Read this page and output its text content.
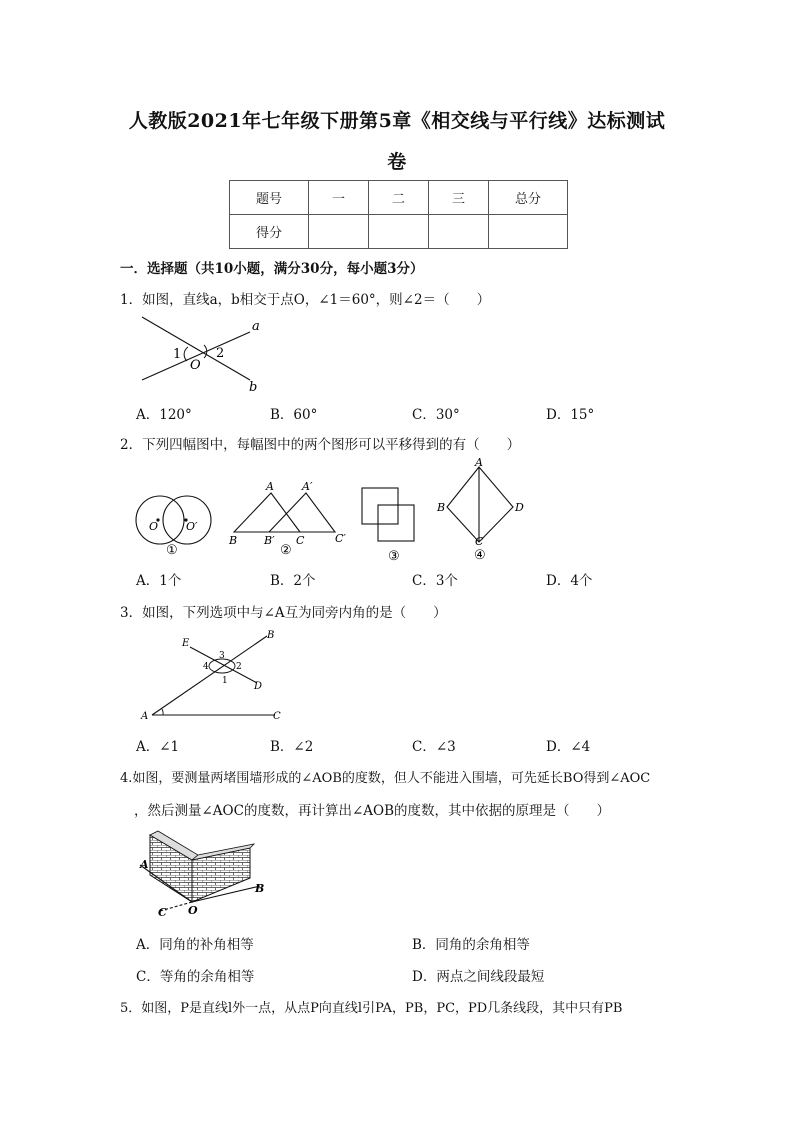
人教版2021年七年级下册第5章《相交线与平行线》达标测试
卷
题号	一	二	三	总分
得分				
一．选择题（共10小题，满分30分，每小题3分）
1．如图，直线a，b相交于点O，∠1＝60°，则∠2＝（　　）
a
b
1	2
O
A．120°	B．60°	C．30°	D．15°
2．下列四幅图中，每幅图中的两个图形可以平移得到的有（　　）
O	O′
①
A	A′
B B′ C	C′
②	③
A
B
C
D
④
A．1个	B．2个	C．3个	D．4个
3．如图，下列选项中与∠A互为同旁内角的是（　　）
E
B
D
A	C
1
2
3
4
A．∠1	B．∠2	C．∠3	D．∠4
4.如图，要测量两堵围墙形成的∠AOB的度数，但人不能进入围墙，可先延长BO得到∠AOC
，然后测量∠AOC的度数，再计算出∠AOB的度数，其中依据的原理是（　　）
A
B
C O
A．同角的补角相等	B．同角的余角相等
C．等角的余角相等	D．两点之间线段最短
5．如图，P是直线l外一点，从点P向直线l引PA，PB，PC，PD几条线段，其中只有PB
